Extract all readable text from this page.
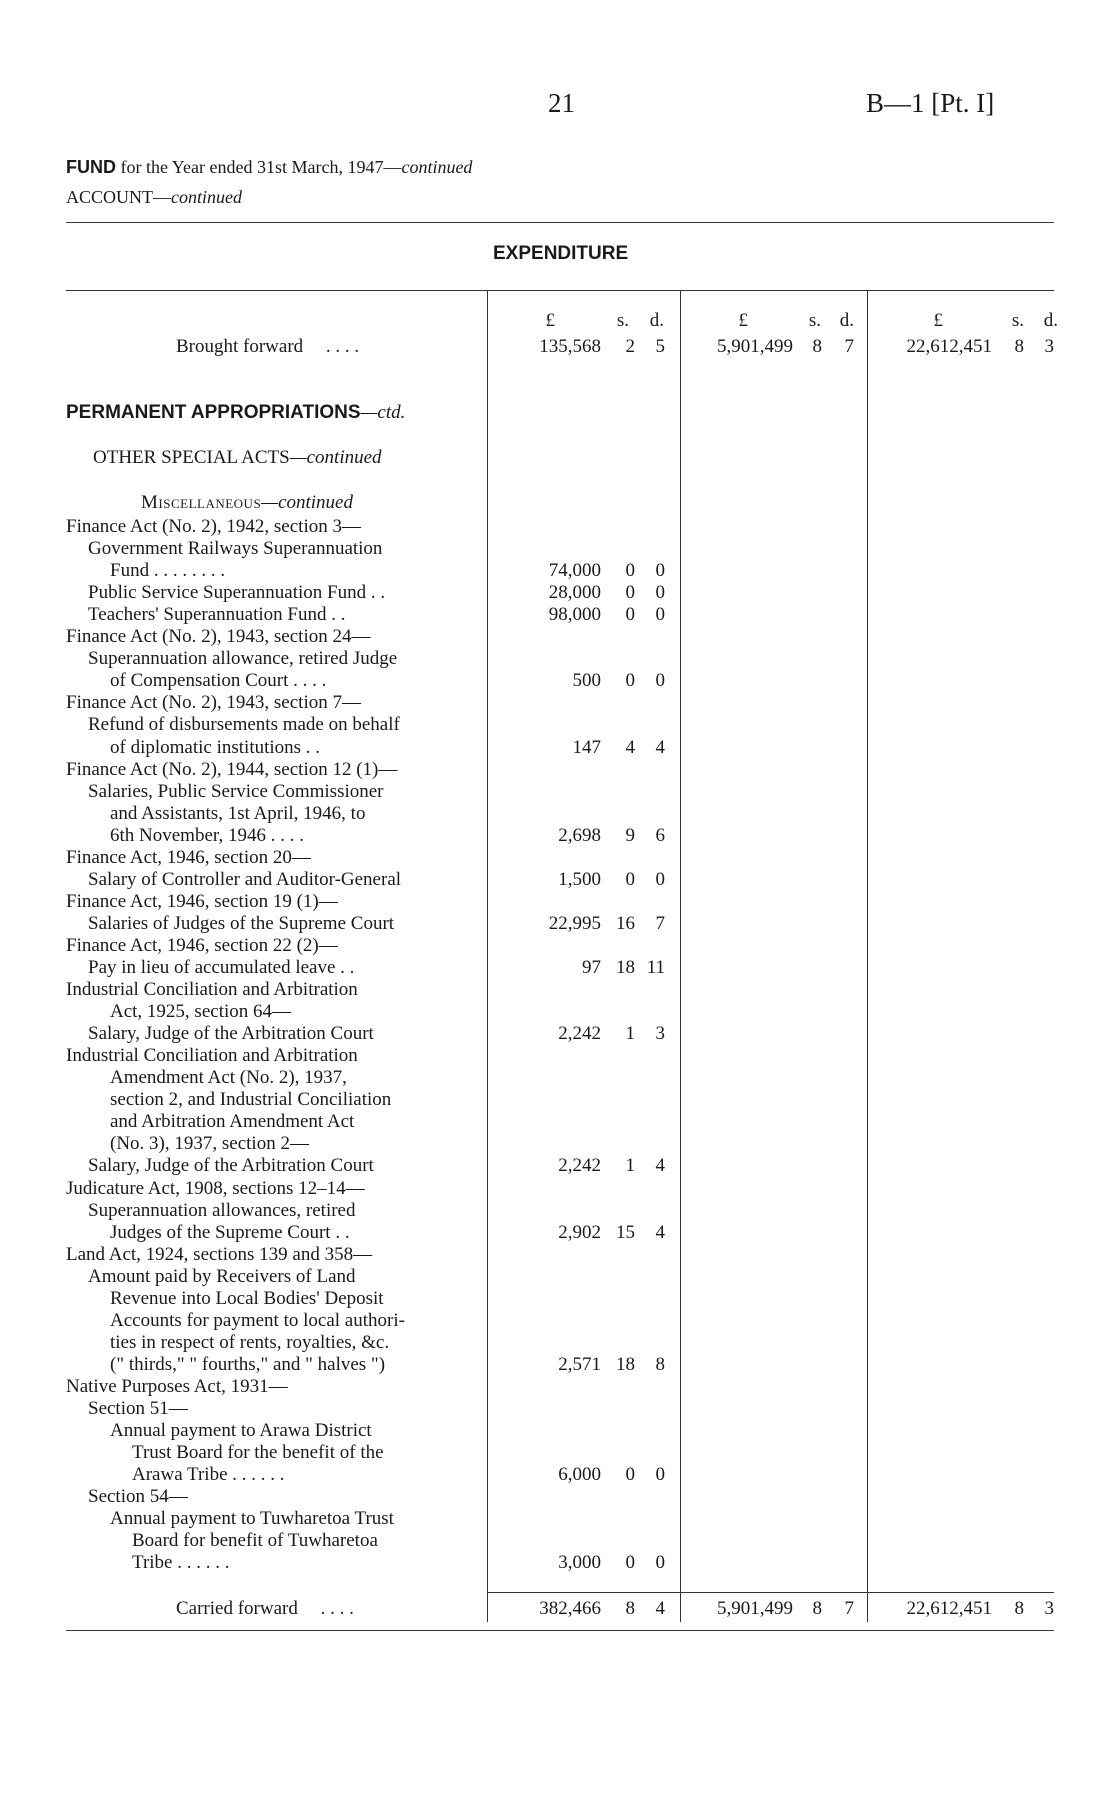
21	B—1 [Pt. I]
FUND for the Year ended 31st March, 1947—continued
ACCOUNT—continued
EXPENDITURE
£	s.	d.	£	s. d.	£	s.	d.
Brought forward . . . .	135,568	2	5	5,901,499	8	7	22,612,451	8	3
PERMANENT APPROPRIATIONS—ctd.
OTHER SPECIAL ACTS—continued
Miscellaneous—continued
Finance Act (No. 2), 1942, section 3—
Government Railways Superannuation
Fund . . . . . . . .	74,000	0	0
Public Service Superannuation Fund . .	28,000	0	0
Teachers' Superannuation Fund . .	98,000	0	0
Finance Act (No. 2), 1943, section 24—
Superannuation allowance, retired Judge
of Compensation Court . . . .	500	0	0
Finance Act (No. 2), 1943, section 7—
Refund of disbursements made on behalf
of diplomatic institutions . .	147	4	4
Finance Act (No. 2), 1944, section 12 (1)—
Salaries, Public Service Commissioner
and Assistants, 1st April, 1946, to
6th November, 1946 . . . .	2,698	9	6
Finance Act, 1946, section 20—
Salary of Controller and Auditor-General	1,500	0	0
Finance Act, 1946, section 19 (1)—
Salaries of Judges of the Supreme Court	22,995 16	7
Finance Act, 1946, section 22 (2)—
Pay in lieu of accumulated leave . .	97 18 11
Industrial Conciliation and Arbitration
Act, 1925, section 64—
Salary, Judge of the Arbitration Court	2,242	1	3
Industrial Conciliation and Arbitration
Amendment Act (No. 2), 1937,
section 2, and Industrial Conciliation
and Arbitration Amendment Act
(No. 3), 1937, section 2—
Salary, Judge of the Arbitration Court	2,242	1	4
Judicature Act, 1908, sections 12–14—
Superannuation allowances, retired
Judges of the Supreme Court . .	2,902 15	4
Land Act, 1924, sections 139 and 358—
Amount paid by Receivers of Land
Revenue into Local Bodies' Deposit
Accounts for payment to local authori-
ties in respect of rents, royalties, &c.
(" thirds," " fourths," and " halves ")	2,571 18	8
Native Purposes Act, 1931—
Section 51—
Annual payment to Arawa District
Trust Board for the benefit of the
Arawa Tribe . . . . . .	6,000	0	0
Section 54—
Annual payment to Tuwharetoa Trust
Board for benefit of Tuwharetoa
Tribe . . . . . .	3,000	0	0
Carried forward . . . .	382,466	8	4	5,901,499	8	7	22,612,451	8	3
